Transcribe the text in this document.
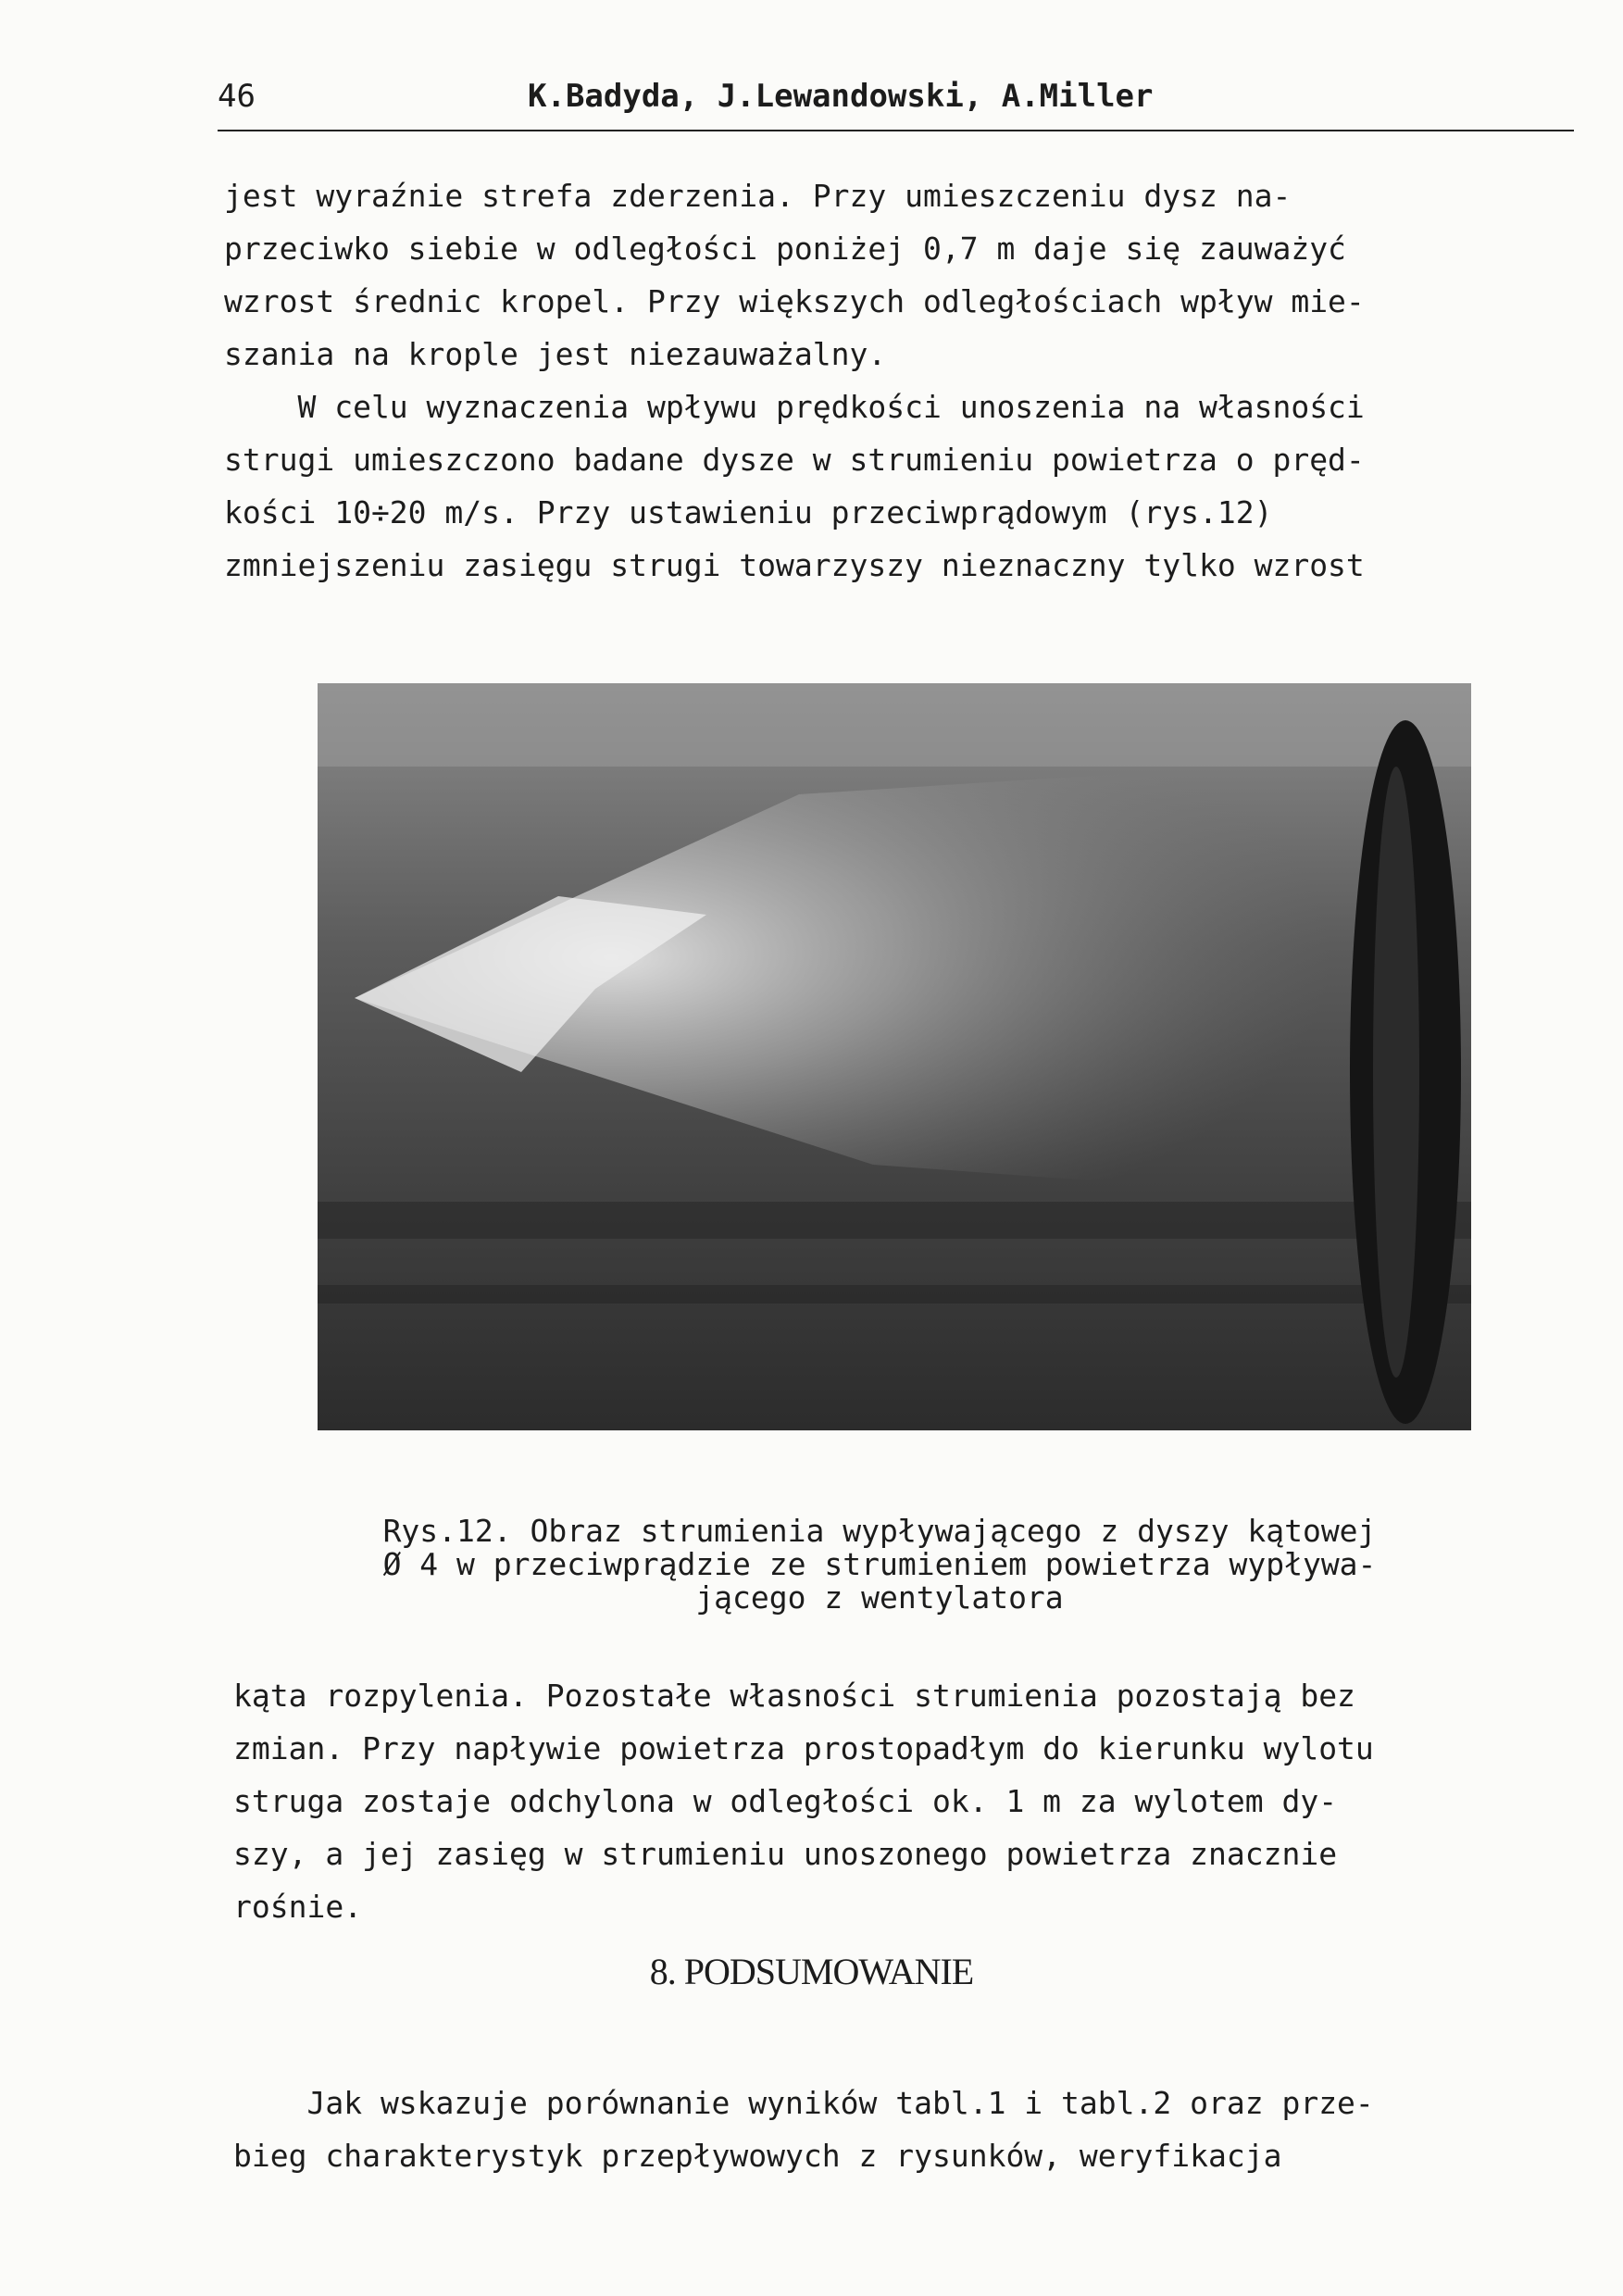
46	K.Badyda, J.Lewandowski, A.Miller

jest wyraźnie strefa zderzenia. Przy umieszczeniu dysz na-
przeciwko siebie w odległości poniżej 0,7 m daje się zauważyć
wzrost średnic kropel. Przy większych odległościach wpływ mie-
szania na krople jest niezauważalny.

W celu wyznaczenia wpływu prędkości unoszenia na własności
strugi umieszczono badane dysze w strumieniu powietrza o pręd-
kości 10÷20 m/s. Przy ustawieniu przeciwprądowym (rys.12)
zmniejszeniu zasięgu strugi towarzyszy nieznaczny tylko wzrost

Rys.12. Obraz strumienia wypływającego z dyszy kątowej
Ø 4 w przeciwprądzie ze strumieniem powietrza wypływa-
jącego z wentylatora

kąta rozpylenia. Pozostałe własności strumienia pozostają bez
zmian. Przy napływie powietrza prostopadłym do kierunku wylotu
struga zostaje odchylona w odległości ok. 1 m za wylotem dy-
szy, a jej zasięg w strumieniu unoszonego powietrza znacznie
rośnie.

8. PODSUMOWANIE

Jak wskazuje porównanie wyników tabl.1 i tabl.2 oraz prze-
bieg charakterystyk przepływowych z rysunków, weryfikacja
